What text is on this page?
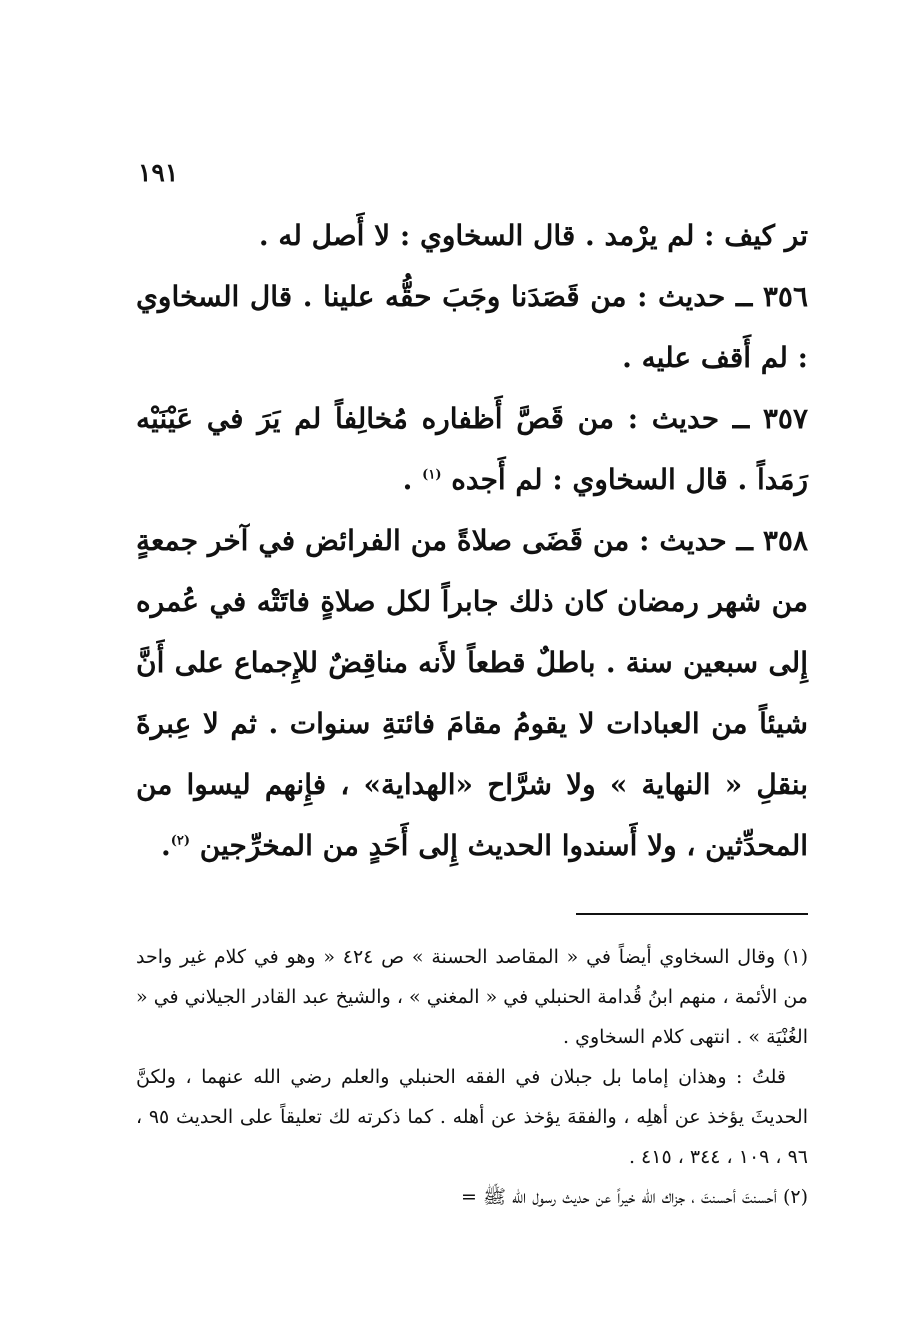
١٩١

تر كيف : لم يرْمد . قال السخاوي : لا أَصل له .

٣٥٦ ــ حديث : من قَصَدَنا وجَبَ حقُّه علينا . قال السخاوي : لم أَقف عليه .

٣٥٧ ــ حديث : من قَصَّ أَظفاره مُخالِفاً لم يَرَ في عَيْنَيْه رَمَداً . قال السخاوي : لم أَجده $^{(١)}$ .

٣٥٨ ــ حديث : من قَضَى صلاةً من الفرائض في آخر جمعةٍ من شهر رمضان كان ذلك جابراً لكل صلاةٍ فاتَتْه في عُمره إِلى سبعين سنة . باطلٌ قطعاً لأَنه مناقِضٌ للإِجماع على أَنَّ شيئاً من العبادات لا يقومُ مقامَ فائتةِ سنوات . ثم لا عِبرةَ بنقلِ « النهاية » ولا شرَّاح «الهداية» ، فإِنهم ليسوا من المحدِّثين ، ولا أَسندوا الحديث إِلى أَحَدٍ من المخرِّجين $^{(٢)}$.

(١) وقال السخاوي أيضاً في « المقاصد الحسنة » ص ٤٢٤ « وهو في كلام غير واحد من الأئمة ، منهم ابنُ قُدامة الحنبلي في « المغني » ، والشيخ عبد القادر الجيلاني في « الغُنْيَة » . انتهى كلام السخاوي .

قلتُ : وهذان إماما بل جبلان في الفقه الحنبلي والعلم رضي الله عنهما ، ولكنَّ الحديثَ يؤخذ عن أهلِه ، والفقهَ يؤخذ عن أهله . كما ذكرته لك تعليقاً على الحديث ٩٥ ، ٩٦ ، ١٠٩ ، ٣٤٤ ، ٤١٥ .

(٢) أحسنتَ أحسنتَ ، جزاك الله خيراً عن حديث رسول الله ﷺ =
